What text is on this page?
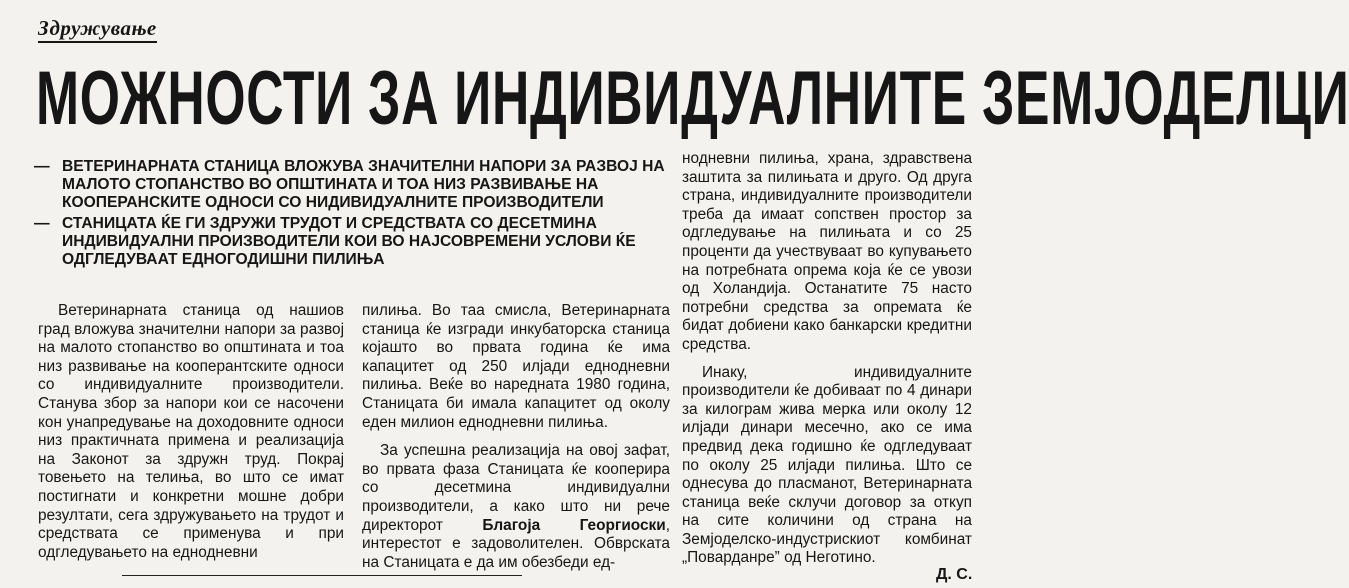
Здружување
МОЖНОСТИ ЗА ИНДИВИДУАЛНИТЕ ЗЕМЈОДЕЛЦИ
— ВЕТЕРИНАРНАТА СТАНИЦА ВЛОЖУВА ЗНАЧИТЕЛНИ НАПОРИ ЗА РАЗВОЈ НА МАЛОТО СТОПАНСТВО ВО ОПШТИНАТА И ТОА НИЗ РАЗВИВАЊЕ НА КООПЕРАНСКИТЕ ОДНОСИ СО НИДИВИДУАЛНИТЕ ПРОИЗВОДИТЕЛИ
— СТАНИЦАТА ЌЕ ГИ ЗДРУЖИ ТРУДОТ И СРЕДСТВАТА СО ДЕСЕТМИНА ИНДИВИДУАЛНИ ПРОИЗВОДИТЕЛИ КОИ ВО НАЈСОВРЕМЕНИ УСЛОВИ ЌЕ ОДГЛЕДУВААТ ЕДНОГОДИШНИ ПИЛИЊА
Ветеринарната станица од нашиов град вложува значителни напори за развој на малото стопанство во општината и тоа низ развивање на кооперантските односи со индивидуалните производители. Станува збор за напори кои се насочени кон унапредување на доходовните односи низ практичната примена и реализација на Законот за здружн труд. Покрај товењето на телиња, во што се имат постигнати и конкретни мошне добри резултати, сега здружувањето на трудот и средствата се применува и при одгледувањето на еднодневни

пилиња. Во таа смисла, Ветеринарната станица ќе изгради инкубаторска станица којашто во првата година ќе има капацитет од 250 илјади еднодневни пилиња. Веќе во наредната 1980 година, Станицата би имала капацитет од околу еден милион еднодневни пилиња.

За успешна реализација на овој зафат, во првата фаза Станицата ќе кооперира со десетмина индивидуални производители, а како што ни рече директорот Благоја Георгиоски, интерестот е задоволителен. Обврската на Станицата е да им обезбеди ед-

нодневни пилиња, храна, здравствена заштита за пилињата и друго. Од друга страна, индивидуалните производители треба да имаат сопствен простор за одгледување на пилињата и со 25 проценти да учествуваат во купувањето на потребната опрема која ќе се увози од Холандија. Останатите 75 насто потребни средства за опремата ќе бидат добиени како банкарски кредитни средства.

Инаку, индивидуалните производители ќе добиваат по 4 динари за килограм жива мерка или околу 12 илјади динари месечно, ако се има предвид дека годишно ќе одгледуваат по околу 25 илјади пилиња. Што се однесува до пласманот, Ветеринарната станица веќе склучи договор за откуп на сите количини од страна на Земјоделско-индустрискиот комбинат „Поварданре” од Неготино.

Д. С.
